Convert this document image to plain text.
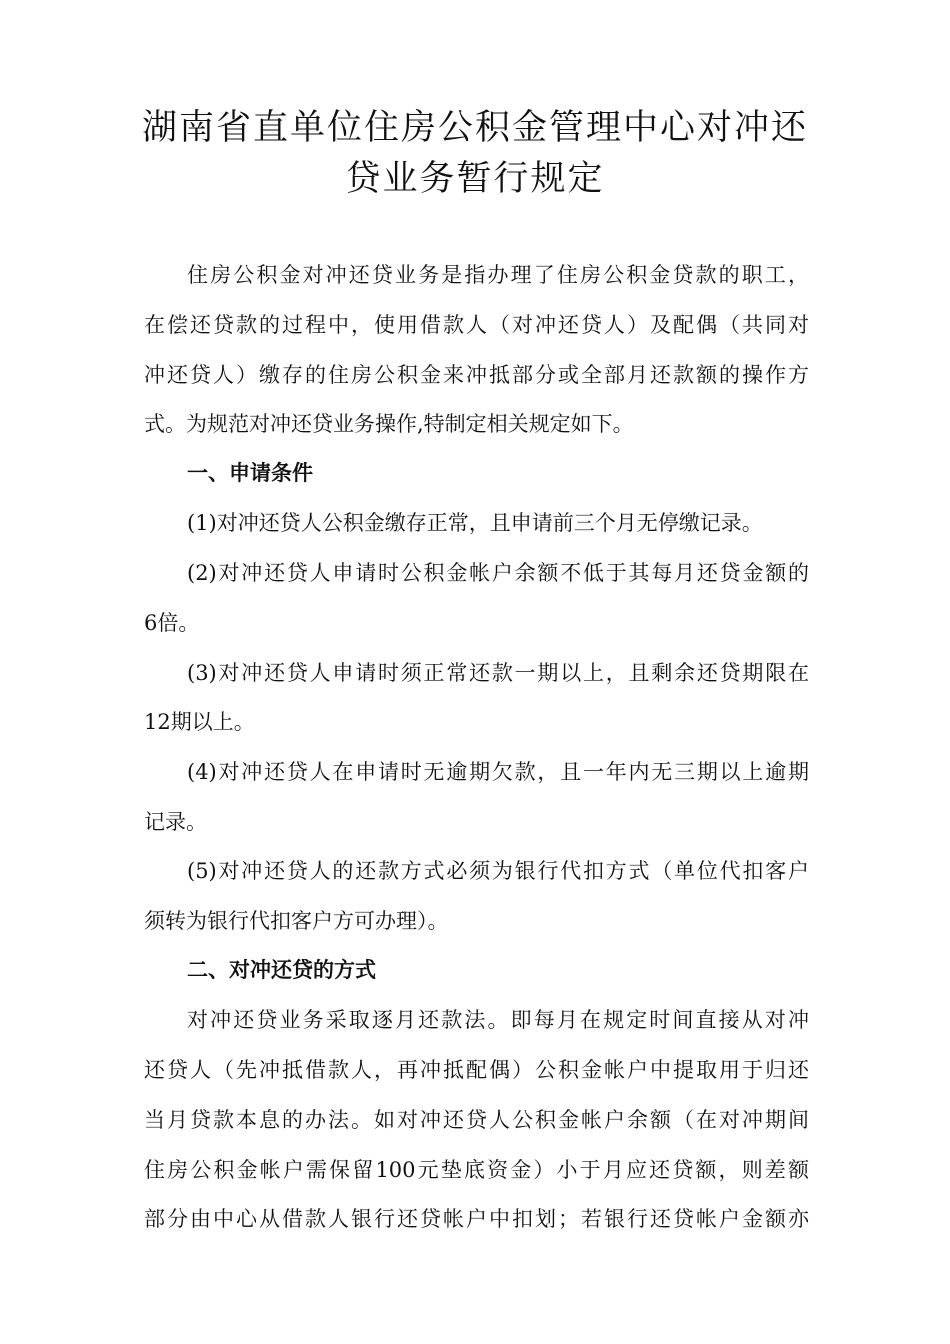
湖南省直单位住房公积金管理中心对冲还
贷业务暂行规定

住房公积金对冲还贷业务是指办理了住房公积金贷款的职工，

在偿还贷款的过程中，使用借款人（对冲还贷人）及配偶（共同对

冲还贷人）缴存的住房公积金来冲抵部分或全部月还款额的操作方

式。为规范对冲还贷业务操作,特制定相关规定如下。

一、申请条件

(1)对冲还贷人公积金缴存正常，且申请前三个月无停缴记录。

(2)对冲还贷人申请时公积金帐户余额不低于其每月还贷金额的

6倍。

(3)对冲还贷人申请时须正常还款一期以上，且剩余还贷期限在

12期以上。

(4)对冲还贷人在申请时无逾期欠款，且一年内无三期以上逾期

记录。

(5)对冲还贷人的还款方式必须为银行代扣方式（单位代扣客户

须转为银行代扣客户方可办理）。

二、对冲还贷的方式

对冲还贷业务采取逐月还款法。即每月在规定时间直接从对冲

还贷人（先冲抵借款人，再冲抵配偶）公积金帐户中提取用于归还

当月贷款本息的办法。如对冲还贷人公积金帐户余额（在对冲期间

住房公积金帐户需保留100元垫底资金）小于月应还贷额，则差额

部分由中心从借款人银行还贷帐户中扣划；若银行还贷帐户金额亦
